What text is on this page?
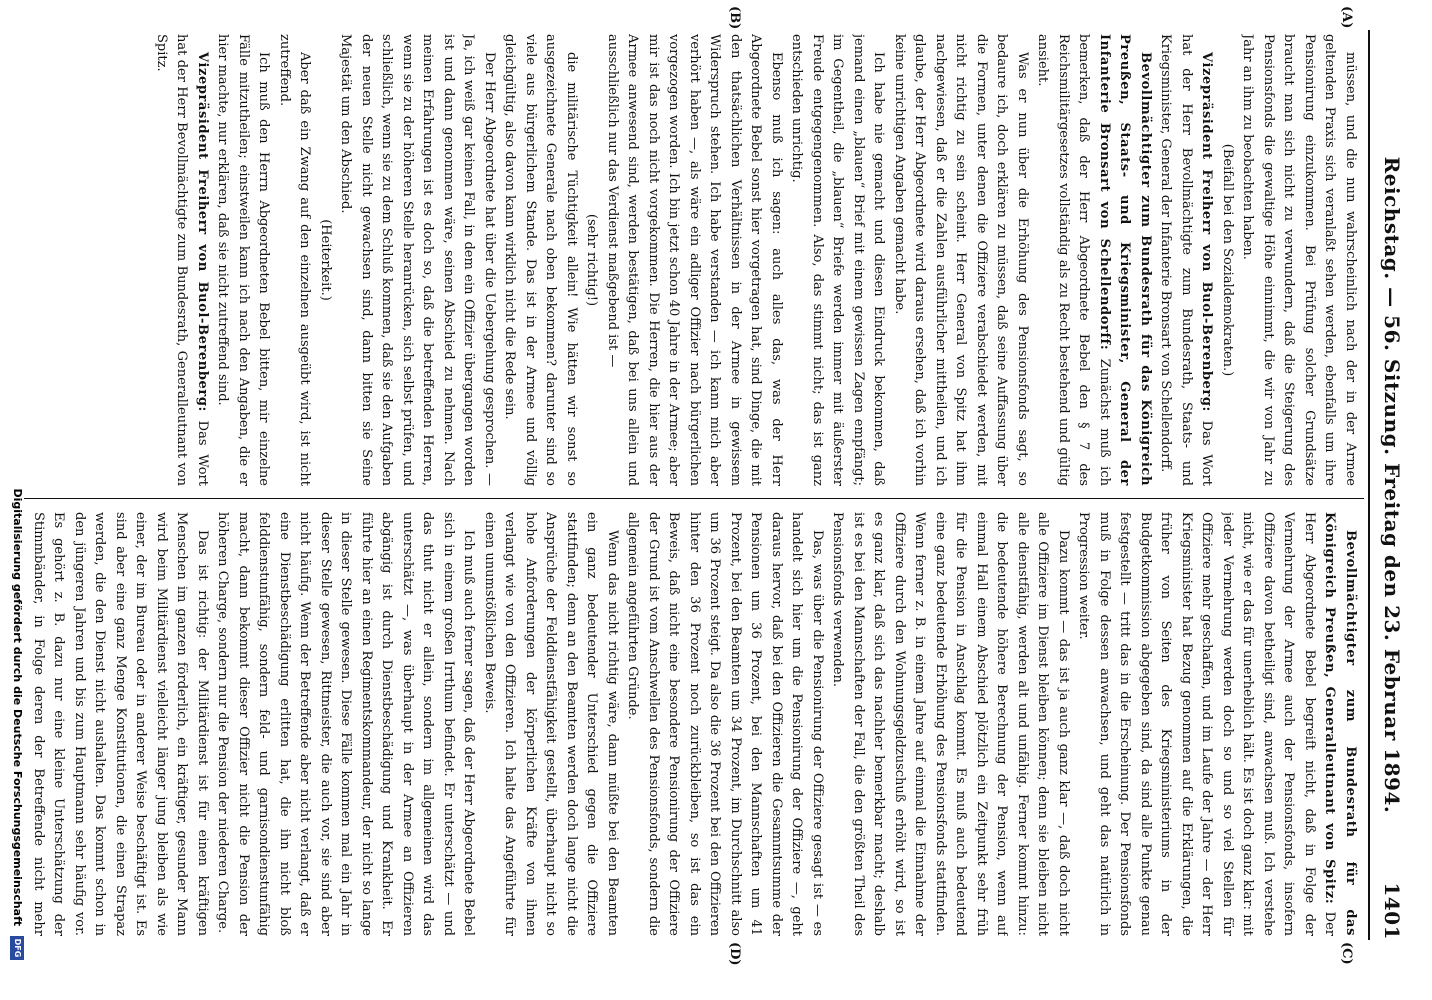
Reichstag. — 56. Sitzung. Freitag den 23. Februar 1894.
1401
(A)
(B)
(C)
(D)

müssen, und die nun wahrscheinlich nach der in der Armee geltenden Praxis sich veranlaßt sehen werden, ebenfalls um ihre Pensionirung einzukommen. Bei Prüfung solcher Grundsätze braucht man sich nicht zu verwundern, daß die Steigerung des Pensionsfonds die gewaltige Höhe einnimmt, die wir von Jahr zu Jahr an ihm zu beobachten haben.

(Beifall bei den Sozialdemokraten.)

Vizepräsident Freiherr von Buol-Berenberg: Das Wort hat der Herr Bevollmächtigte zum Bundesrath, Staats- und Kriegsminister, General der Infanterie Bronsart von Schellendorff.

Bevollmächtigter zum Bundesrath für das Königreich Preußen, Staats- und Kriegsminister, General der Infanterie Bronsart von Schellendorff: Zunächst muß ich bemerken, daß der Herr Abgeordnete Bebel den § 7 des Reichsmilitärgesetzes vollständig als zu Recht bestehend und gültig ansieht.

Was er nun über die Erhöhung des Pensionsfonds sagt, so bedaure ich, doch erklären zu müssen, daß seine Auffassung über die Formen, unter denen die Offiziere verabschiedet werden, mit nicht richtig zu sein scheint. Herr General von Spitz hat ihm nachgewiesen, daß er die Zahlen ausführlicher mittheilen, und ich glaube, der Herr Abgeordnete wird daraus ersehen, daß ich vorhin keine unrichtigen Angaben gemacht habe.

Ich habe nie gemacht und diesen Eindruck bekommen, daß jemand einen „blauen“ Brief mit einem gewissen Zagen empfängt; im Gegentheil, die „blauen“ Briefe werden immer mit äußerster Freude entgegengenommen. Also, das stimmt nicht; das ist ganz entschieden unrichtig.

Ebenso muß ich sagen: auch alles das, was der Herr Abgeordnete Bebel sonst hier vorgetragen hat, sind Dinge, die mit den thatsächlichen Verhältnissen in der Armee in gewissem Widerspruch stehen. Ich habe verstanden — ich kann mich aber verhört haben —, als wäre ein adliger Offizier nach bürgerlichen vorgezogen worden. Ich bin jetzt schon 40 Jahre in der Armee; aber mir ist das noch nicht vorgekommen. Die Herren, die hier aus der Armee anwesend sind, werden bestätigen, daß bei uns allein und ausschließlich nur das Verdienst maßgebend ist —

(sehr richtig!)

die militärische Tüchtigkeit allein! Wie hätten wir sonst so ausgezeichnete Generale nach oben bekommen? darunter sind so viele aus bürgerlichem Stande. Das ist in der Armee und völlig gleichgültig, also davon kann wirklich nicht die Rede sein.

Der Herr Abgeordnete hat über die Uebergehung gesprochen. — Ja, ich weiß gar keinen Fall, in dem ein Offizier übergangen worden ist und dann genommen wäre, seinen Abschied zu nehmen. Nach meinen Erfahrungen ist es doch so, daß die betreffenden Herren, wenn sie zu der höheren Stelle heranrücken, sich selbst prüfen, und schließlich, wenn sie zu dem Schluß kommen, daß sie den Aufgaben der neuen Stelle nicht gewachsen sind, dann bitten sie Seine Majestät um den Abschied.

(Heiterkeit.)

Aber daß ein Zwang auf den einzelnen ausgeübt wird, ist nicht zutreffend.

Ich muß den Herrn Abgeordneten Bebel bitten, mir einzelne Fälle mitzutheilen; einstweilen kann ich nach den Angaben, die er hier machte, nur erklären, daß sie nicht zutreffend sind.

Vizepräsident Freiherr von Buol-Berenberg: Das Wort hat der Herr Bevollmächtigte zum Bundesrath, Generalleutnant von Spitz.

Bevollmächtigter zum Bundesrath für das Königreich Preußen, Generalleutnant von Spitz: Der Herr Abgeordnete Bebel begreift nicht, daß in Folge der Vermehrung der Armee auch der Pensionsfonds, insofern Offiziere davon betheiligt sind, anwachsen muß. Ich verstehe nicht, wie er das für unerheblich hält. Es ist doch ganz klar: mit jeder Vermehrung werden doch so und so viel Stellen für Offiziere mehr geschaffen, und im Laufe der Jahre — der Herr Kriegsminister hat Bezug genommen auf die Erklärungen, die früher von Seiten des Kriegsministeriums in der Budgetkommission abgegeben sind, da sind alle Punkte genau festgestellt — tritt das in die Erscheinung. Der Pensionsfonds muß in Folge dessen anwachsen, und geht das natürlich in Progression weiter.

Dazu kommt — das ist ja auch ganz klar —, daß doch nicht alle Offiziere im Dienst bleiben können; denn sie bleiben nicht alle dienstfähig, werden alt und unfähig. Ferner kommt hinzu: die bedeutende höhere Berechnung der Pension, wenn auf einmal Hall einem Abschied plötzlich ein Zeitpunkt sehr früh für die Pension in Anschlag kommt. Es muß auch bedeutend eine ganz bedeutende Erhöhung des Pensionsfonds stattfinden. Wenn ferner z. B. in einem Jahre auf einmal die Einnahme der Offiziere durch den Wohnungsgeldzuschuß erhöht wird, so ist es ganz klar, daß sich das nachher bemerkbar macht; deshalb ist es bei den Mannschaften der Fall, die den größten Theil des Pensionsfonds verwenden.

Das, was über die Pensionirung der Offiziere gesagt ist — es handelt sich hier um die Pensionirung der Offiziere —, geht daraus hervor, daß bei den Offizieren die Gesammtsumme der Pensionen um 36 Prozent, bei den Mannschaften um 41 Prozent, bei den Beamten um 34 Prozent, im Durchschnitt also um 36 Prozent steigt. Da also die 36 Prozent bei den Offizieren hinter den 36 Prozent noch zurückbleiben, so ist das ein Beweis, daß nicht eine besondere Pensionirung der Offiziere der Grund ist vom Anschwellen des Pensionsfonds, sondern die allgemein angeführten Gründe.

Wenn das nicht richtig wäre, dann müßte bei den Beamten ein ganz bedeutender Unterschied gegen die Offiziere stattfinden; denn an den Beamten werden doch lange nicht die Ansprüche der Felddienstfähigkeit gestellt, überhaupt nicht so hohe Anforderungen der körperlichen Kräfte von ihnen verlangt wie von den Offizieren. Ich halte das Angeführte für einen unumstößlichen Beweis.

Ich muß auch ferner sagen, daß der Herr Abgeordnete Bebel sich in einem großen Irrthum befindet. Er unterschätzt — und das thut nicht er allein, sondern im allgemeinen wird das unterschätzt —, was überhaupt in der Armee an Offizieren abgängig ist durch Dienstbeschädigung und Krankheit. Er führte hier an einen Regimentskommandeur, der nicht so lange in dieser Stelle gewesen. Diese Fälle kommen mal ein Jahr in dieser Stelle gewesen, Rittmeister, die auch vor, sie sind aber nicht häufig. Wenn der Betreffende aber nicht verlangt, daß er eine Dienstbeschädigung erlitten hat, die ihn nicht bloß felddienstunfähig, sondern feld- und garnisondienstunfähig macht, dann bekommt dieser Offizier nicht die Pension der höheren Charge, sondern nur die Pension der niederen Charge.

Das ist richtig: der Militärdienst ist für einen kräftigen Menschen im ganzen förderlich, ein kräftiger, gesunder Mann wird beim Militärdienst vielleicht länger jung bleiben als wie einer, der im Bureau oder in anderer Weise beschäftigt ist. Es sind aber eine ganz Menge Konstitutionen, die einen Strapaz werden, die den Dienst nicht aushalten. Das kommt schon in den jüngeren Jahren und bis zum Hauptmann sehr häufig vor. Es gehört z. B. dazu nur eine kleine Unterschätzung der Stimmbänder, in Folge deren der Betreffende nicht mehr

Digitalisierung gefördert durch die Deutsche Forschungsgemeinschaft DFG
